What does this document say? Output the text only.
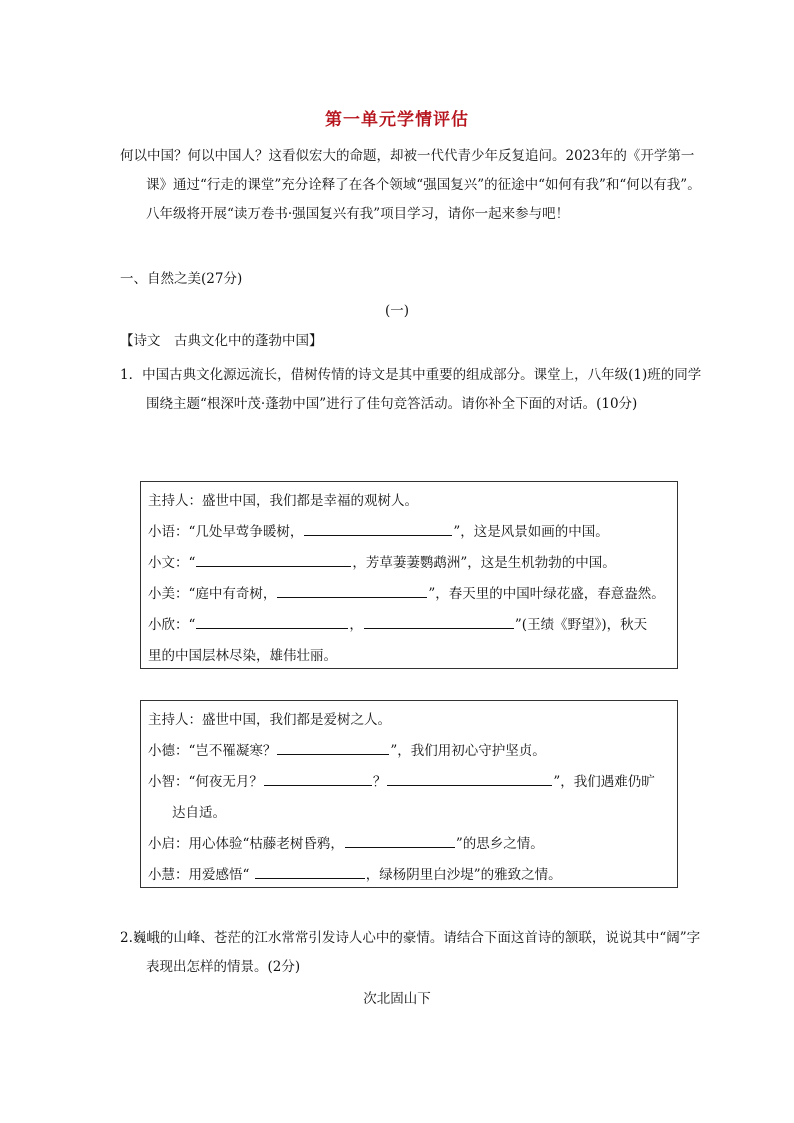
第一单元学情评估
何以中国？何以中国人？这看似宏大的命题，却被一代代青少年反复追问。2023年的《开学第一课》通过“行走的课堂”充分诠释了在各个领域“强国复兴”的征途中“如何有我”和“何以有我”。八年级将开展“读万卷书·强国复兴有我”项目学习，请你一起来参与吧！
一、自然之美(27分)
(一)
【诗文　古典文化中的蓬勃中国】
1．中国古典文化源远流长，借树传情的诗文是其中重要的组成部分。课堂上，八年级(1)班的同学围绕主题“根深叶茂·蓬勃中国”进行了佳句竞答活动。请你补全下面的对话。(10分)
主持人：盛世中国，我们都是幸福的观树人。
小语：“几处早莺争暖树，	”，这是风景如画的中国。
小文：“	，芳草萋萋鹦鹉洲”，这是生机勃勃的中国。
小美：“庭中有奇树，	”，春天里的中国叶绿花盛，春意盎然。
小欣：“	，	”(王绩《野望》)，秋天
里的中国层林尽染，雄伟壮丽。
主持人：盛世中国，我们都是爱树之人。
小德：“岂不罹凝寒？	”，我们用初心守护坚贞。
小智：“何夜无月？	？	”，我们遇难仍旷
达自适。
小启：用心体验“枯藤老树昏鸦，	”的思乡之情。
小慧：用爱感悟“	，绿杨阴里白沙堤”的雅致之情。
2.巍峨的山峰、苍茫的江水常常引发诗人心中的豪情。请结合下面这首诗的颔联，说说其中“阔”字表现出怎样的情景。(2分)
次北固山下
